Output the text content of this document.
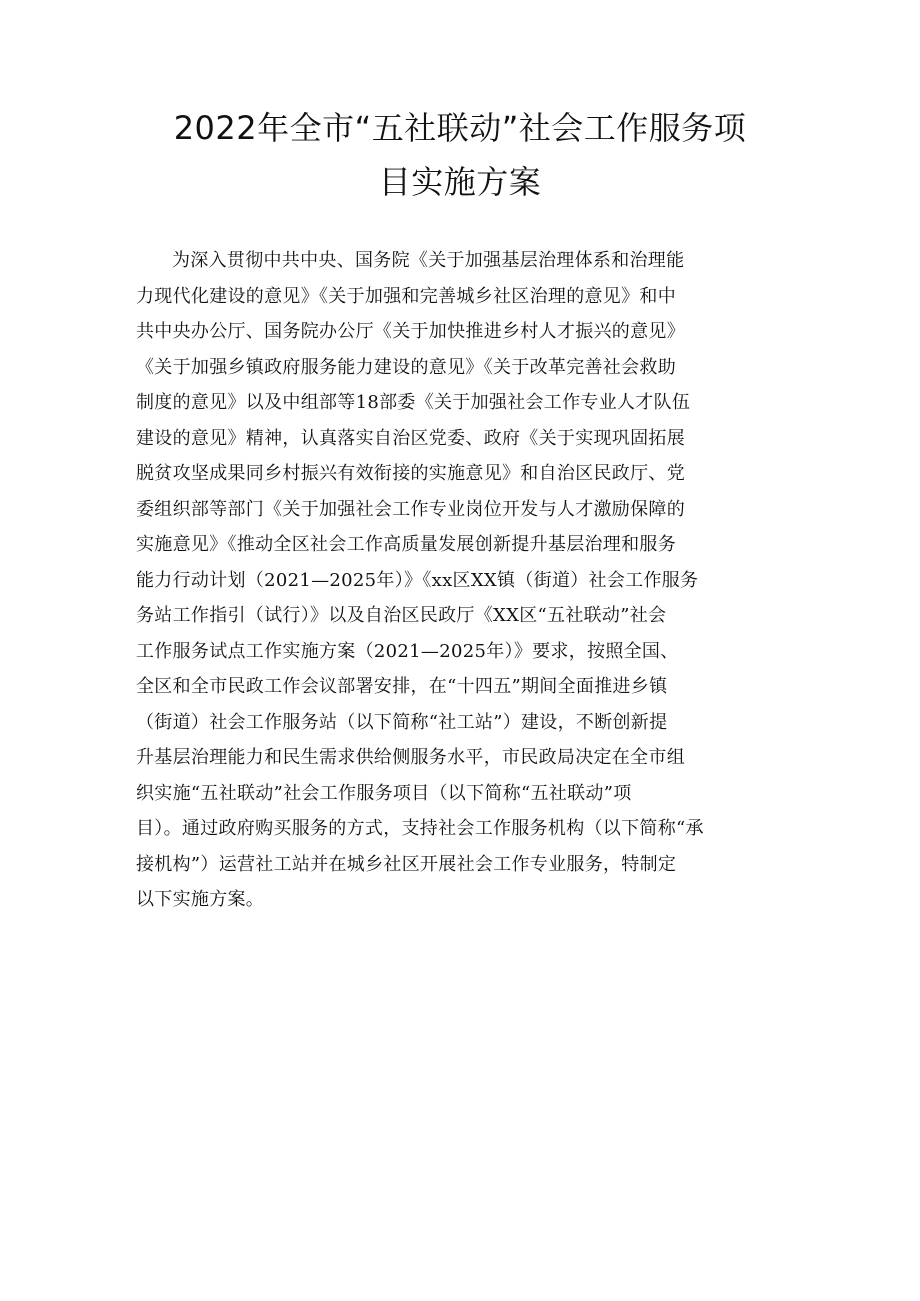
2022年全市“五社联动”社会工作服务项
目实施方案
为深入贯彻中共中央、国务院《关于加强基层治理体系和治理能
力现代化建设的意见》《关于加强和完善城乡社区治理的意见》和中
共中央办公厅、国务院办公厅《关于加快推进乡村人才振兴的意见》
《关于加强乡镇政府服务能力建设的意见》《关于改革完善社会救助
制度的意见》以及中组部等18部委《关于加强社会工作专业人才队伍
建设的意见》精神，认真落实自治区党委、政府《关于实现巩固拓展
脱贫攻坚成果同乡村振兴有效衔接的实施意见》和自治区民政厅、党
委组织部等部门《关于加强社会工作专业岗位开发与人才激励保障的
实施意见》《推动全区社会工作高质量发展创新提升基层治理和服务
能力行动计划（2021—2025年）》《xx区XX镇（街道）社会工作服务
务站工作指引（试行）》以及自治区民政厅《XX区“五社联动”社会
工作服务试点工作实施方案（2021—2025年）》要求，按照全国、
全区和全市民政工作会议部署安排，在“十四五”期间全面推进乡镇
（街道）社会工作服务站（以下简称“社工站”）建设，不断创新提
升基层治理能力和民生需求供给侧服务水平，市民政局决定在全市组
织实施“五社联动”社会工作服务项目（以下简称“五社联动”项
目）。通过政府购买服务的方式，支持社会工作服务机构（以下简称“承
接机构”）运营社工站并在城乡社区开展社会工作专业服务，特制定
以下实施方案。
